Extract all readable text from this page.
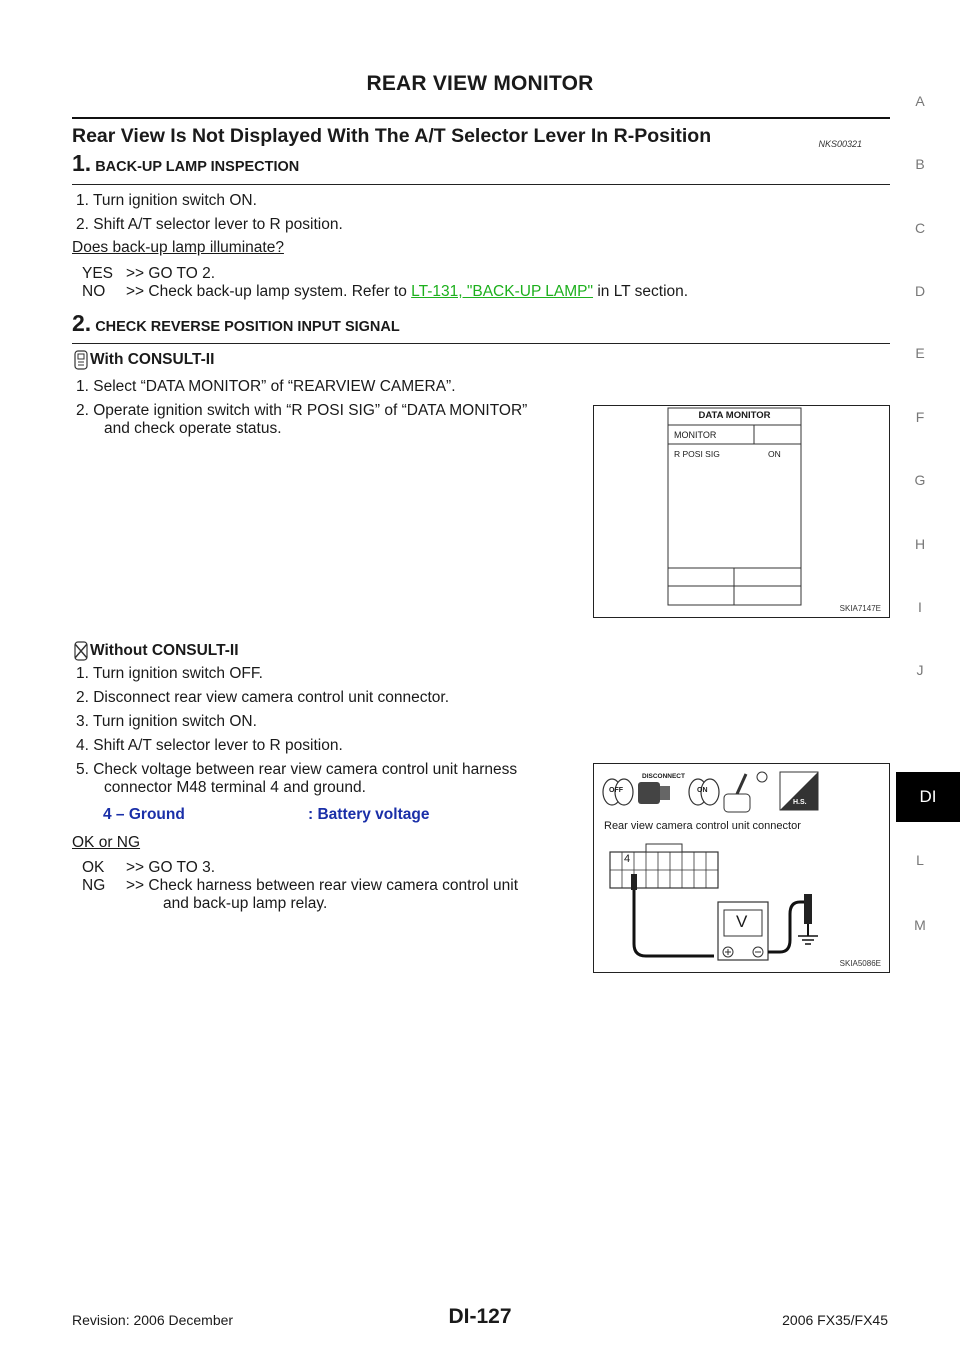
REAR VIEW MONITOR
Rear View Is Not Displayed With The A/T Selector Lever In R-Position	NKS00321
1. BACK-UP LAMP INSPECTION
1. Turn ignition switch ON.
2. Shift A/T selector lever to R position.
Does back-up lamp illuminate?
YES >> GO TO 2.
NO >> Check back-up lamp system. Refer to LT-131, "BACK-UP LAMP" in LT section.
2. CHECK REVERSE POSITION INPUT SIGNAL
With CONSULT-II
1. Select “DATA MONITOR” of “REARVIEW CAMERA”.
2. Operate ignition switch with “R POSI SIG” of “DATA MONITOR”
and check operate status.
DATA MONITOR
MONITOR
R POSI SIG	ON
SKIA7147E
Without CONSULT-II
1. Turn ignition switch OFF.
2. Disconnect rear view camera control unit connector.
3. Turn ignition switch ON.
4. Shift A/T selector lever to R position.
5. Check voltage between rear view camera control unit harness
connector M48 terminal 4 and ground.
4 – Ground	: Battery voltage
OK or NG
OK >> GO TO 3.
NG >> Check harness between rear view camera control unit
and back-up lamp relay.
DISCONNECT
OFF	ON
H.S.
Rear view camera control unit connector
4
V
SKIA5086E
A
B
C
D
E
F
G
H
I
J
DI
L
M
Revision: 2006 December	DI-127	2006 FX35/FX45
